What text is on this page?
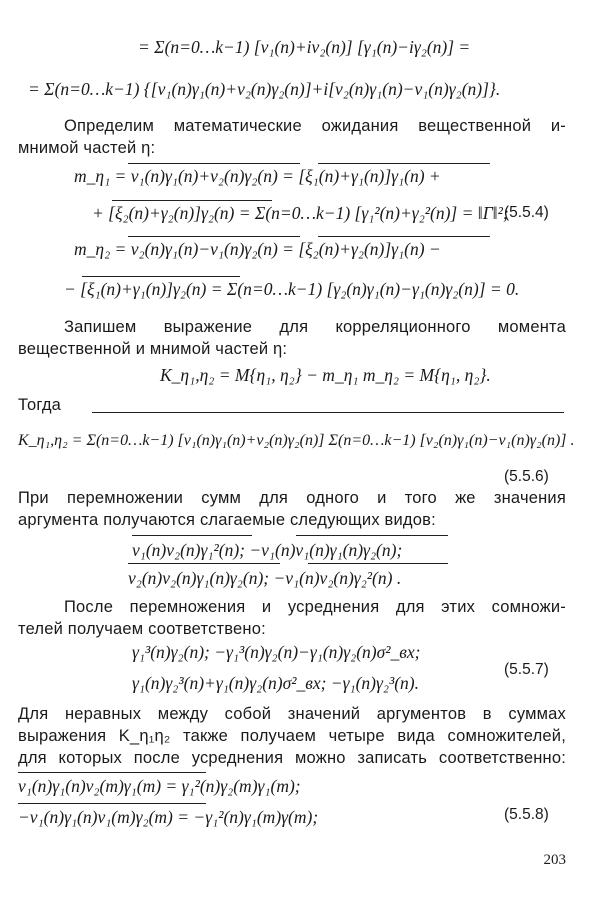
= Σ(n=0…k−1) [ν₁(n)+iν₂(n)] [γ₁(n)−iγ₂(n)] =
= Σ(n=0…k−1) {[ν₁(n)γ₁(n)+ν₂(n)γ₂(n)]+i[ν₂(n)γ₁(n)−ν₁(n)γ₂(n)]}.
Определим математические ожидания вещественной и-
мнимой частей η:
m_η₁ = ν₁(n)γ₁(n)+ν₂(n)γ₂(n) = [ξ₁(n)+γ₁(n)]γ₁(n) +
+ [ξ₂(n)+γ₂(n)]γ₂(n) = Σ(n=0…k−1) [γ₁²(n)+γ₂²(n)] = ‖Γ‖²;
(5.5.4)
m_η₂ = ν₂(n)γ₁(n)−ν₁(n)γ₂(n) = [ξ₂(n)+γ₂(n)]γ₁(n) −
− [ξ₁(n)+γ₁(n)]γ₂(n) = Σ(n=0…k−1) [γ₂(n)γ₁(n)−γ₁(n)γ₂(n)] = 0.
Запишем выражение для корреляционного момента
вещественной и мнимой частей η:
K_η₁,η₂ = M{η₁, η₂} − m_η₁ m_η₂ = M{η₁, η₂}.
Тогда
K_η₁,η₂ = Σ(n=0…k−1) [ν₁(n)γ₁(n)+ν₂(n)γ₂(n)] Σ(n=0…k−1) [ν₂(n)γ₁(n)−ν₁(n)γ₂(n)] .
(5.5.6)
При перемножении сумм для одного и того же значения
аргумента получаются слагаемые следующих видов:
ν₁(n)ν₂(n)γ₁²(n); −ν₁(n)ν₁(n)γ₁(n)γ₂(n);
ν₂(n)ν₂(n)γ₁(n)γ₂(n); −ν₁(n)ν₂(n)γ₂²(n) .
После перемножения и усреднения для этих сомножи-
телей получаем соответствено:
γ₁³(n)γ₂(n); −γ₁³(n)γ₂(n)−γ₁(n)γ₂(n)σ²_вх;
γ₁(n)γ₂³(n)+γ₁(n)γ₂(n)σ²_вх; −γ₁(n)γ₂³(n).
(5.5.7)
Для неравных между собой значений аргументов в суммах
выражения K_η₁η₂ также получаем четыре вида сомножителей,
для которых после усреднения можно записать соответственно:
ν₁(n)γ₁(n)ν₂(m)γ₁(m) = γ₁²(n)γ₂(m)γ₁(m);
−ν₁(n)γ₁(n)ν₁(m)γ₂(m) = −γ₁²(n)γ₁(m)γ(m);	(5.5.8)
203
